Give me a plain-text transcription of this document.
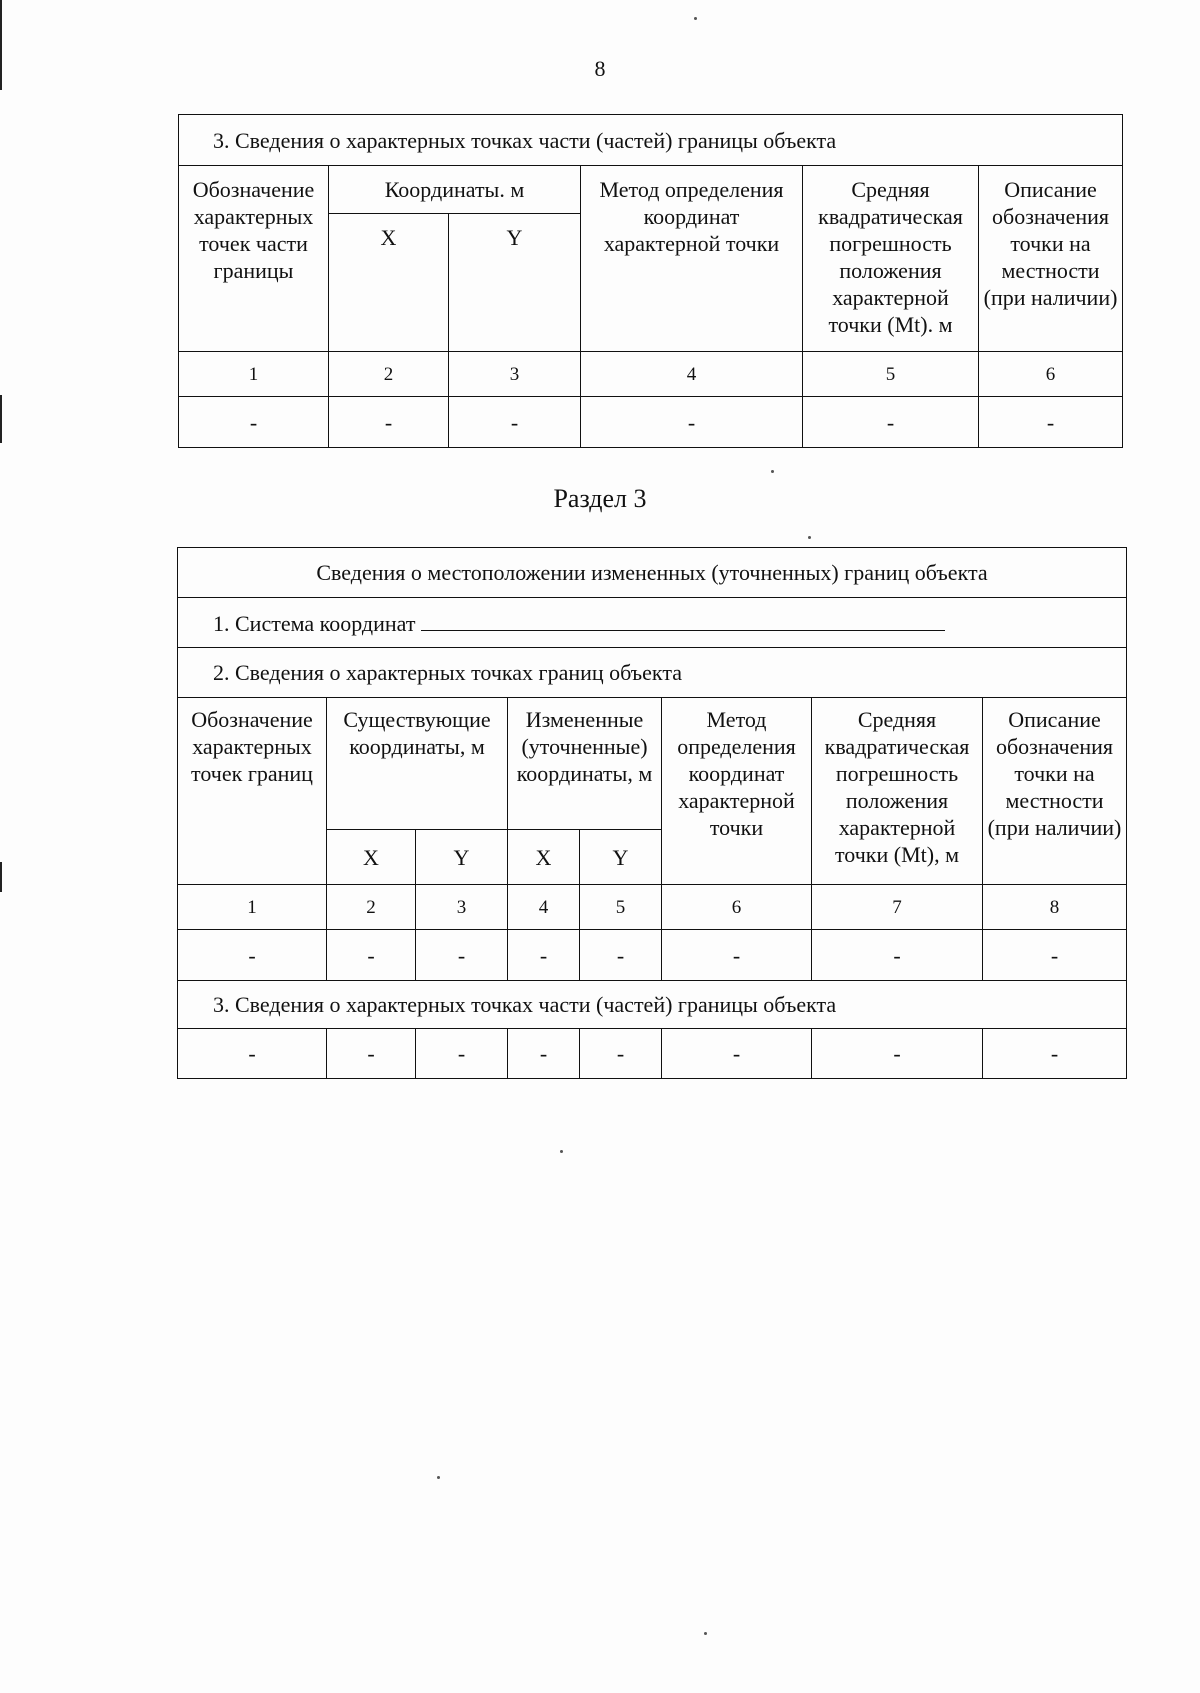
8
3. Сведения о характерных точках части (частей) границы объекта					
Обозначение характерных точек части границы	Координаты. м		Метод определения координат характерной точки	Средняя квадратическая погрешность положения характерной точки (Mt). м	Описание обозначения точки на местности (при наличии)
	X	Y			
1	2	3	4	5	6
-	-	-	-	-	-
Раздел 3
Сведения о местоположении измененных (уточненных) границ объекта							
1. Система координат							
2. Сведения о характерных точках границ объекта							
Обозначение характерных точек границ	Существующие координаты, м		Измененные (уточненные) координаты, м		Метод определения координат характерной точки	Средняя квадратическая погрешность положения характерной точки (Mt), м	Описание обозначения точки на местности (при наличии)
	X	Y	X	Y			
1	2	3	4	5	6	7	8
-	-	-	-	-	-	-	-
3. Сведения о характерных точках части (частей) границы объекта							
-	-	-	-	-	-	-	-
